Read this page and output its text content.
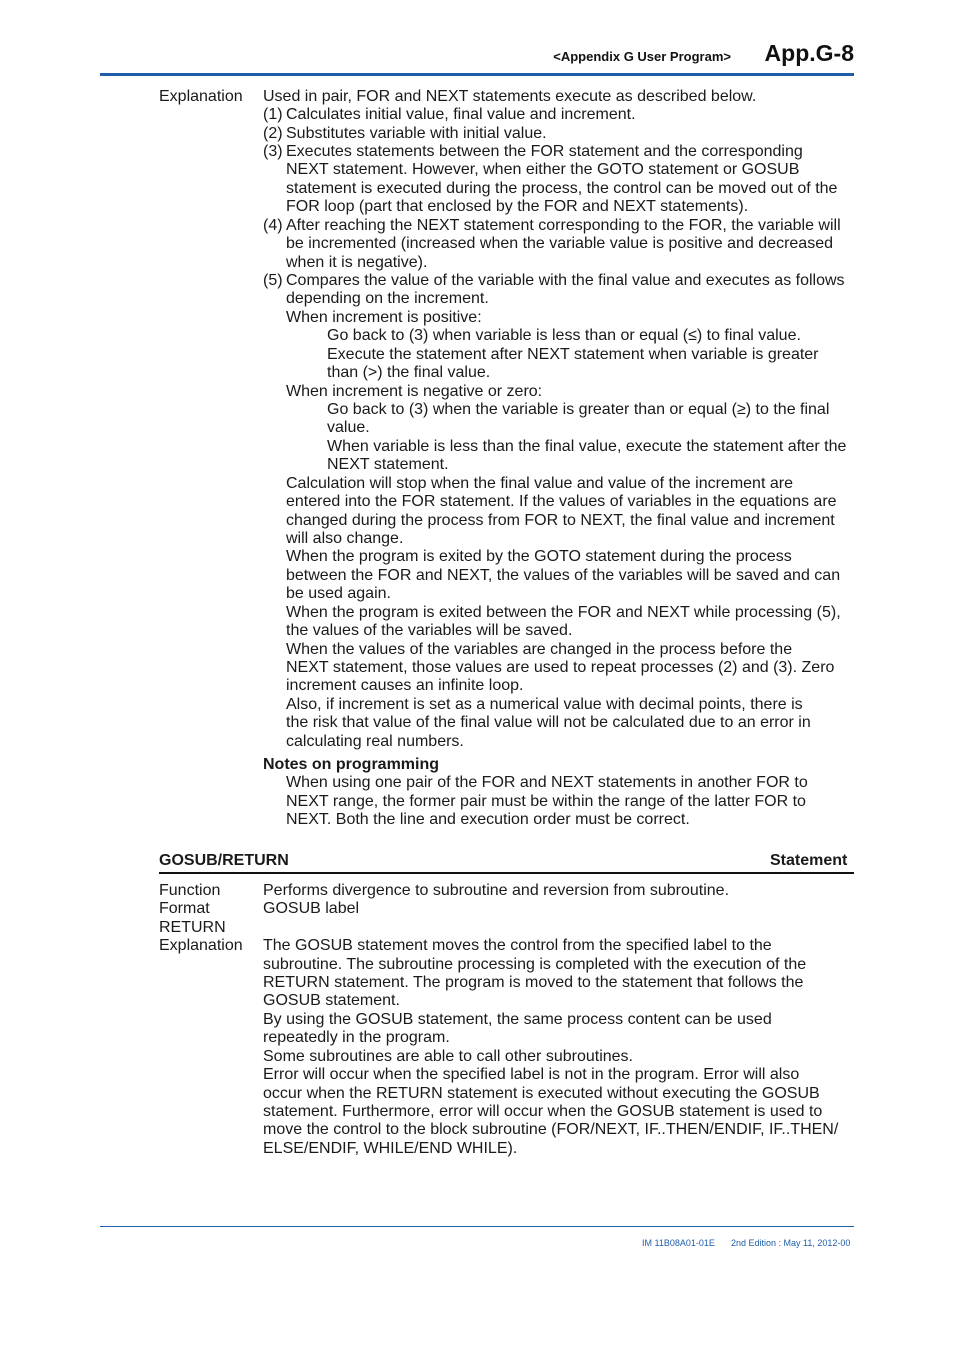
<Appendix G User Program> App.G-8
Explanation Used in pair, FOR and NEXT statements execute as described below.
(1) Calculates initial value, final value and increment.
(2) Substitutes variable with initial value.
(3) Executes statements between the FOR statement and the corresponding
NEXT statement. However, when either the GOTO statement or GOSUB
statement is executed during the process, the control can be moved out of the
FOR loop (part that enclosed by the FOR and NEXT statements).
(4) After reaching the NEXT statement corresponding to the FOR, the variable will
be incremented (increased when the variable value is positive and decreased
when it is negative).
(5) Compares the value of the variable with the final value and executes as follows
depending on the increment.
When increment is positive:
Go back to (3) when variable is less than or equal (≤) to final value.
Execute the statement after NEXT statement when variable is greater
than (>) the final value.
When increment is negative or zero:
Go back to (3) when the variable is greater than or equal (≥) to the final
value.
When variable is less than the final value, execute the statement after the
NEXT statement.
Calculation will stop when the final value and value of the increment are
entered into the FOR statement. If the values of variables in the equations are
changed during the process from FOR to NEXT, the final value and increment
will also change.
When the program is exited by the GOTO statement during the process
between the FOR and NEXT, the values of the variables will be saved and can
be used again.
When the program is exited between the FOR and NEXT while processing (5),
the values of the variables will be saved.
When the values of the variables are changed in the process before the
NEXT statement, those values are used to repeat processes (2) and (3). Zero
increment causes an infinite loop.
Also, if increment is set as a numerical value with decimal points, there is
the risk that value of the final value will not be calculated due to an error in
calculating real numbers.
Notes on programming
When using one pair of the FOR and NEXT statements in another FOR to
NEXT range, the former pair must be within the range of the latter FOR to
NEXT. Both the line and execution order must be correct.
GOSUB/RETURN	Statement
Function	Performs divergence to subroutine and reversion from subroutine.
Format	GOSUB label
RETURN
Explanation The GOSUB statement moves the control from the specified label to the
subroutine. The subroutine processing is completed with the execution of the
RETURN statement. The program is moved to the statement that follows the
GOSUB statement.
By using the GOSUB statement, the same process content can be used
repeatedly in the program.
Some subroutines are able to call other subroutines.
Error will occur when the specified label is not in the program. Error will also
occur when the RETURN statement is executed without executing the GOSUB
statement. Furthermore, error will occur when the GOSUB statement is used to
move the control to the block subroutine (FOR/NEXT, IF..THEN/ENDIF, IF..THEN/
ELSE/ENDIF, WHILE/END WHILE).
IM 11B08A01-01E 2nd Edition : May 11, 2012-00
